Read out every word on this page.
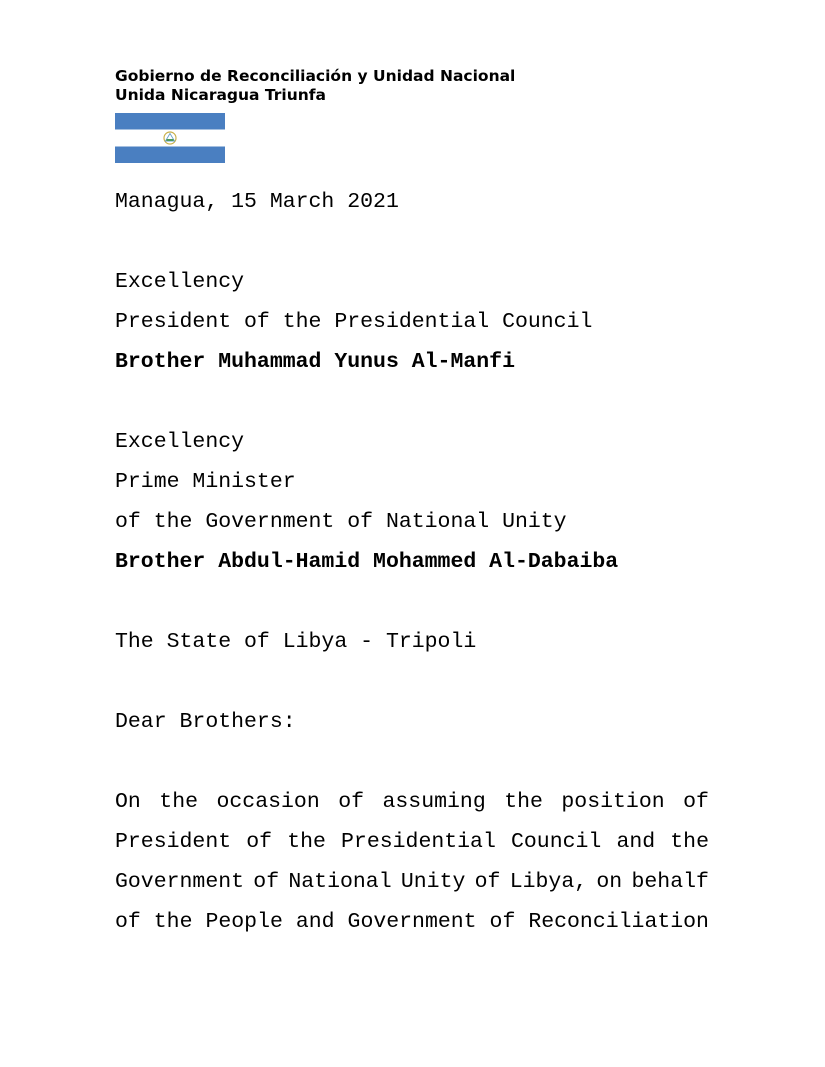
Gobierno de Reconciliación y Unidad Nacional
Unida Nicaragua Triunfa
Managua, 15 March 2021
Excellency
President of the Presidential Council
Brother Muhammad Yunus Al-Manfi
Excellency
Prime Minister
of the Government of National Unity
Brother Abdul-Hamid Mohammed Al-Dabaiba
The State of Libya - Tripoli
Dear Brothers:
On the occasion of assuming the position of
President of the Presidential Council and the
Government of National Unity of Libya, on behalf
of the People and Government of Reconciliation
